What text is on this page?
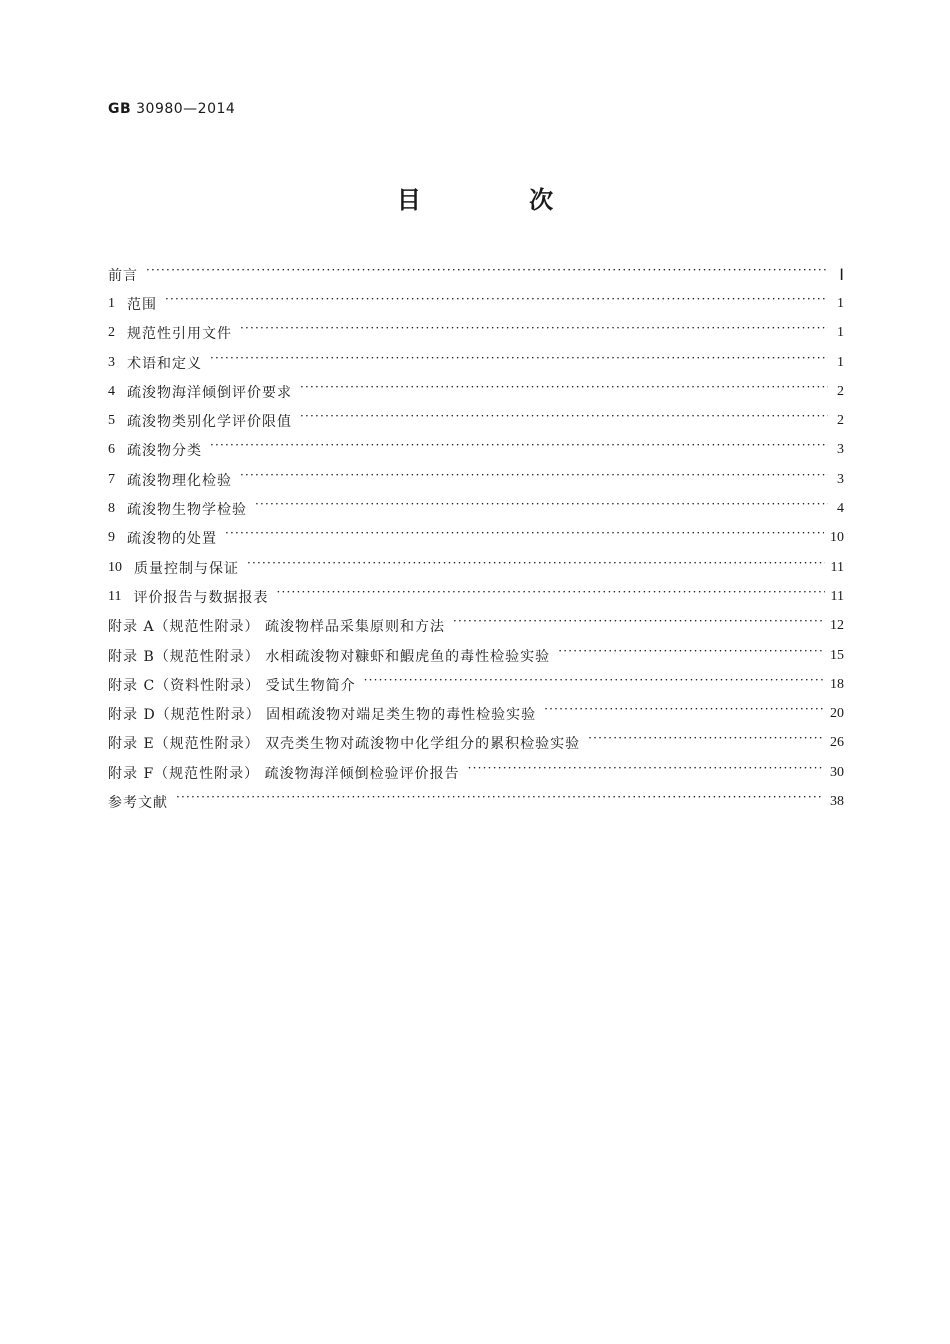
GB 30980—2014
目 次
前言 ·····	Ⅰ
1 范围 ·····	1
2 规范性引用文件 ·····	1
3 术语和定义 ·····	1
4 疏浚物海洋倾倒评价要求 ·····	2
5 疏浚物类别化学评价限值 ·····	2
6 疏浚物分类 ·····	3
7 疏浚物理化检验 ·····	3
8 疏浚物生物学检验 ·····	4
9 疏浚物的处置 ·····	10
10 质量控制与保证 ·····	11
11 评价报告与数据报表 ·····	11
附录 A（规范性附录） 疏浚物样品采集原则和方法 ·····	12
附录 B（规范性附录） 水相疏浚物对糠虾和鰕虎鱼的毒性检验实验 ·····	15
附录 C（资料性附录） 受试生物简介 ·····	18
附录 D（规范性附录） 固相疏浚物对端足类生物的毒性检验实验 ·····	20
附录 E（规范性附录） 双壳类生物对疏浚物中化学组分的累积检验实验 ·····	26
附录 F（规范性附录） 疏浚物海洋倾倒检验评价报告 ·····	30
参考文献 ·····	38
